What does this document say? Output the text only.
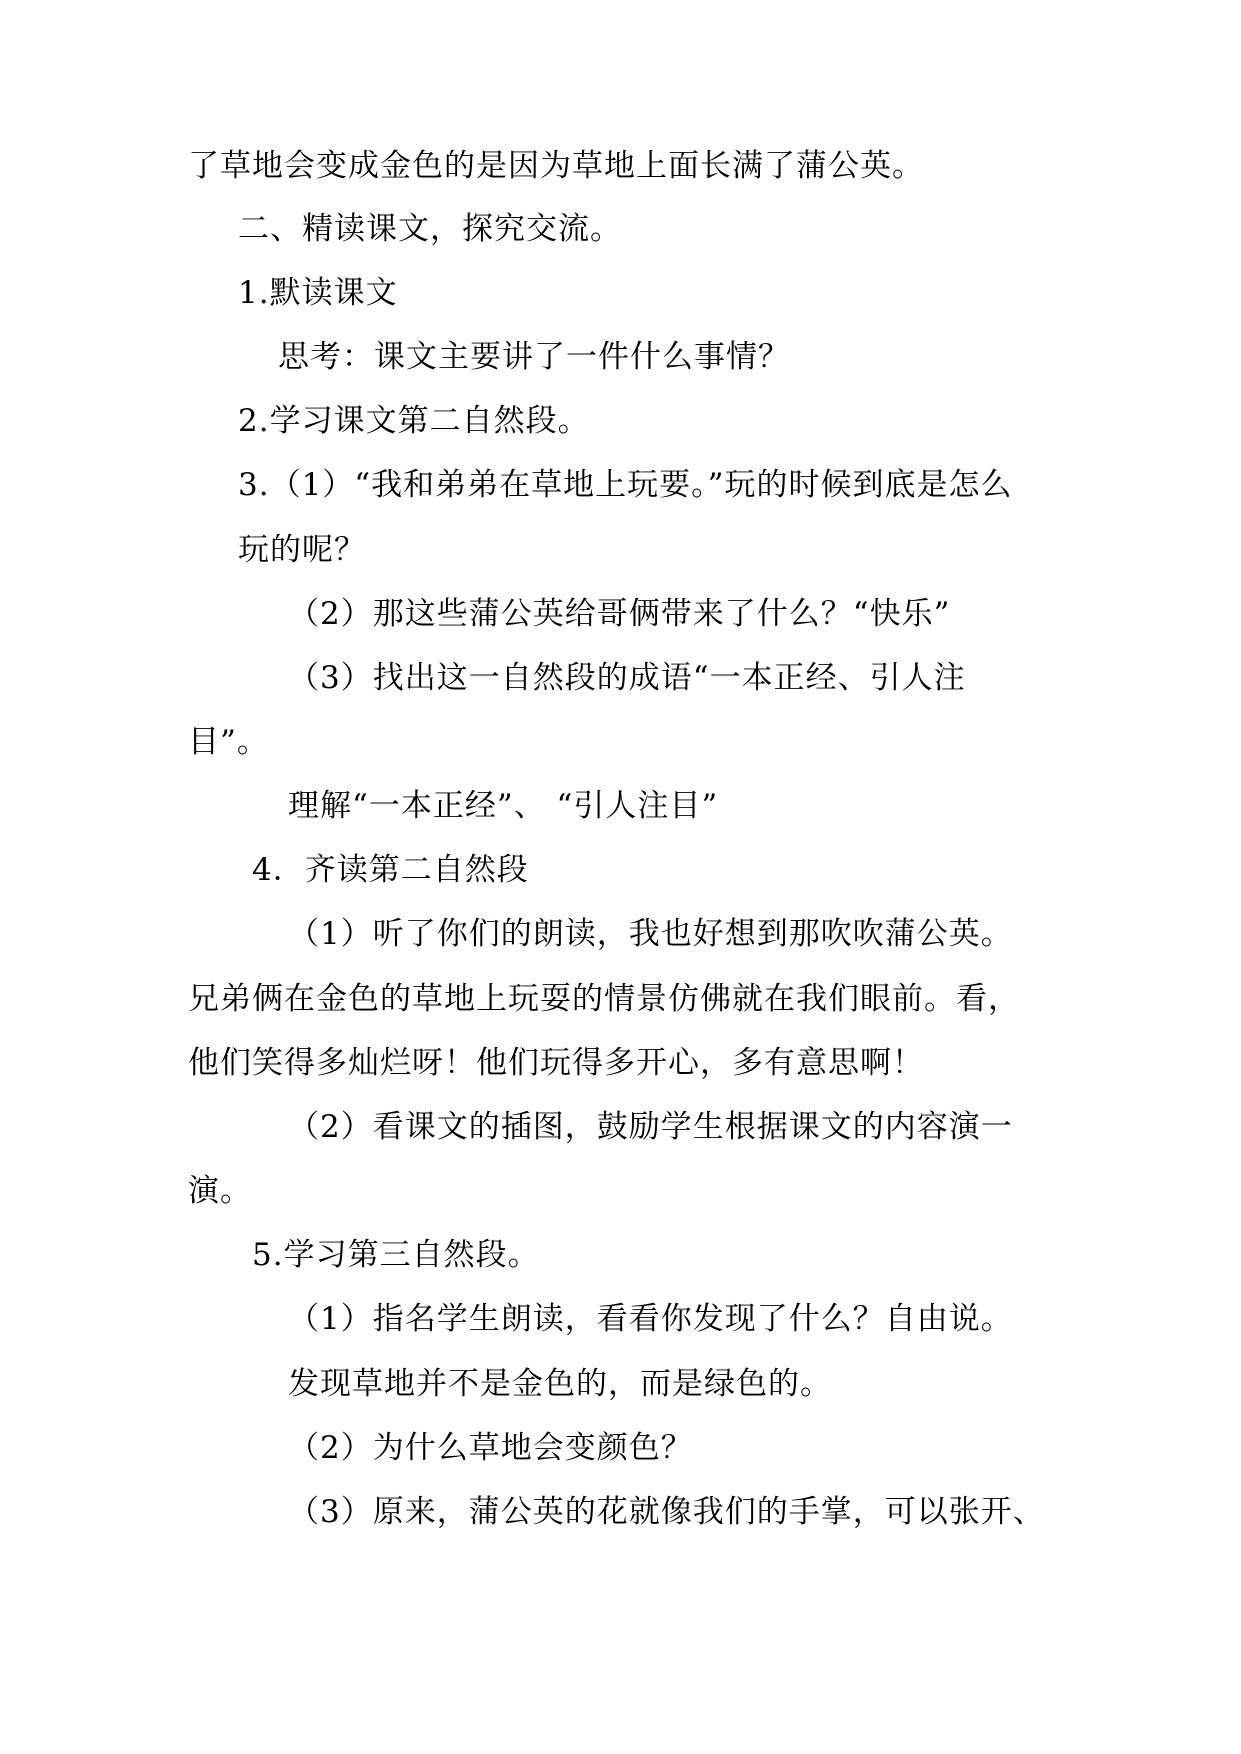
了草地会变成金色的是因为草地上面长满了蒲公英。
二、精读课文，探究交流。
1.默读课文
思考：课文主要讲了一件什么事情？
2.学习课文第二自然段。
3.（1）“我和弟弟在草地上玩要。”玩的时候到底是怎么
玩的呢？
（2）那这些蒲公英给哥俩带来了什么？“快乐”
（3）找出这一自然段的成语“一本正经、引人注
目”。
理解“一本正经”、 “引人注目”
4．齐读第二自然段
（1）听了你们的朗读，我也好想到那吹吹蒲公英。
兄弟俩在金色的草地上玩耍的情景仿佛就在我们眼前。看，
他们笑得多灿烂呀！他们玩得多开心，多有意思啊！
（2）看课文的插图，鼓励学生根据课文的内容演一
演。
5.学习第三自然段。
（1）指名学生朗读，看看你发现了什么？自由说。
发现草地并不是金色的，而是绿色的。
（2）为什么草地会变颜色？
（3）原来，蒲公英的花就像我们的手掌，可以张开、
